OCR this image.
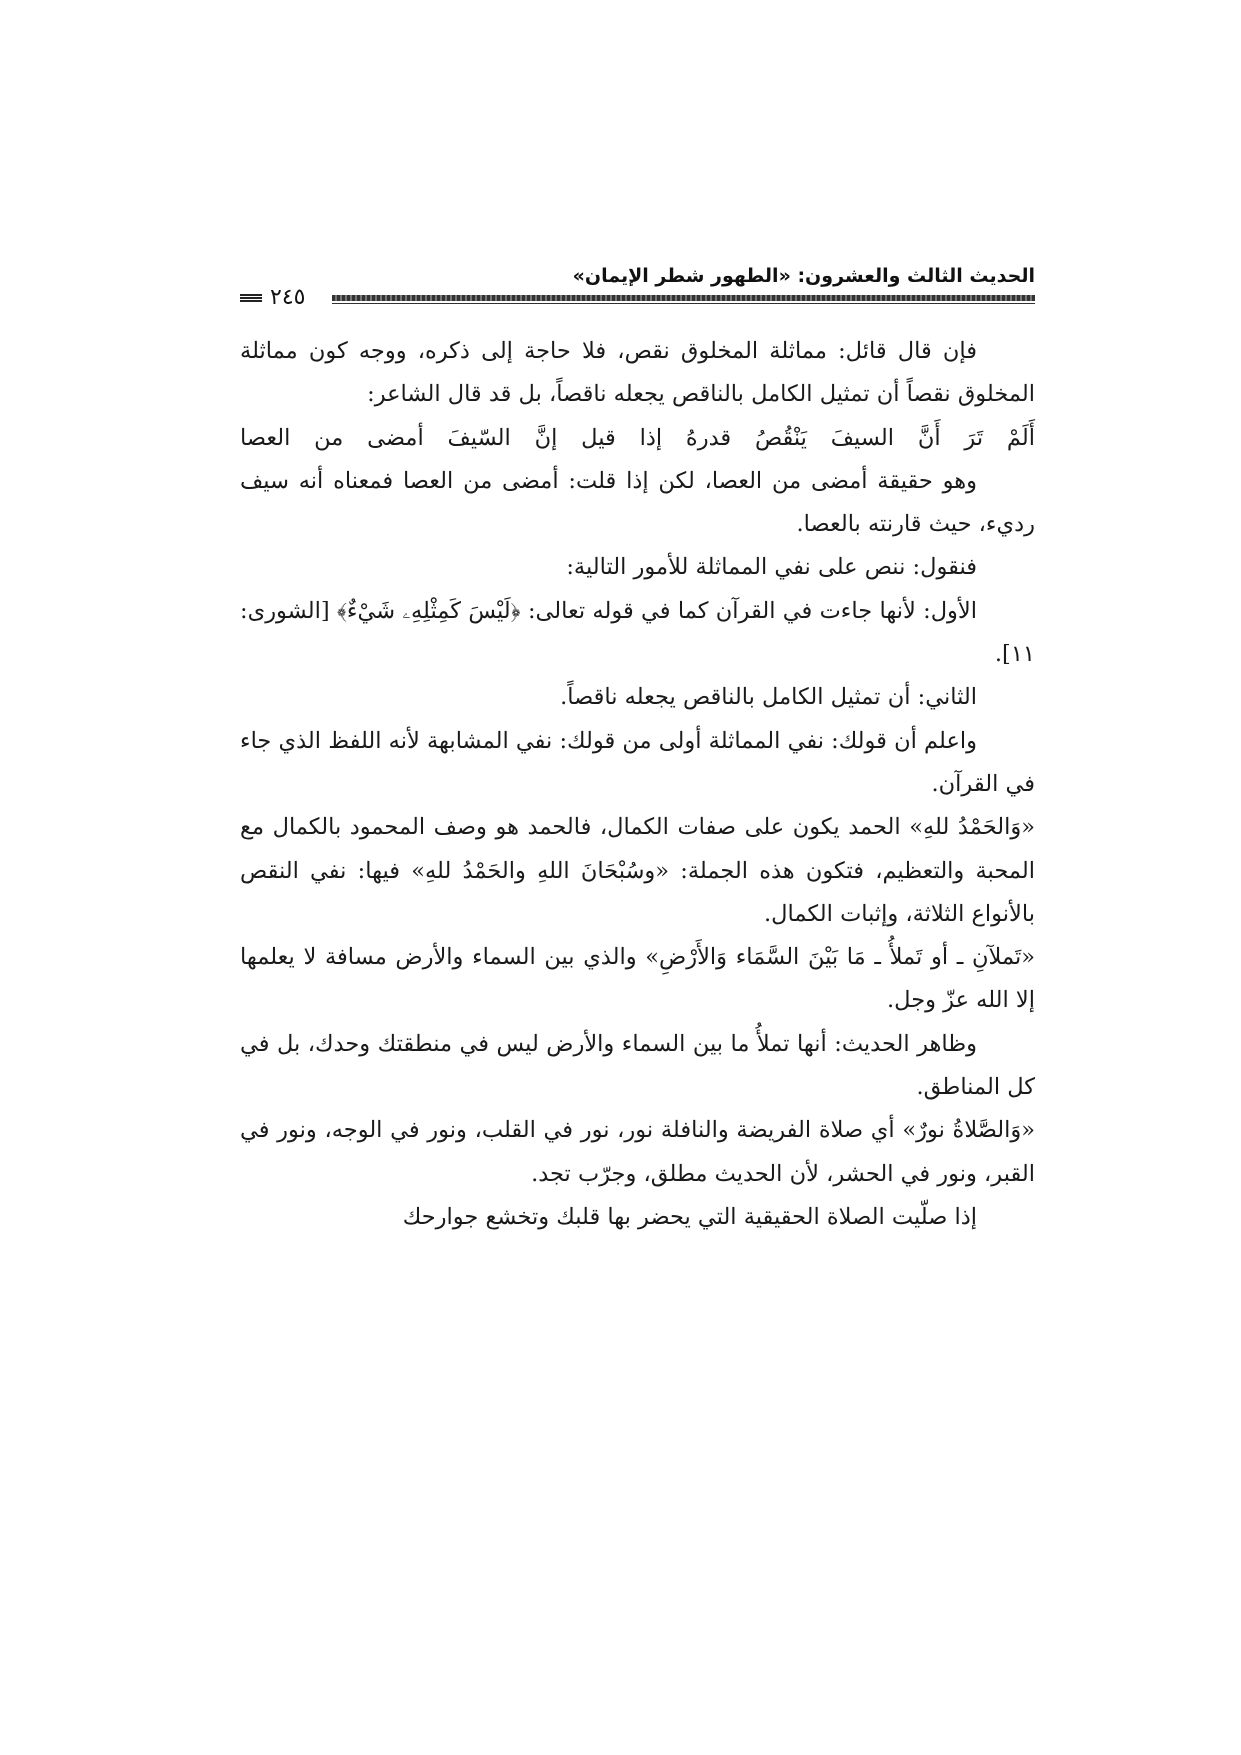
الحديث الثالث والعشرون: «الطهور شطر الإيمان»
٢٤٥

فإن قال قائل: مماثلة المخلوق نقص، فلا حاجة إلى ذكره، ووجه كون مماثلة المخلوق نقصاً أن تمثيل الكامل بالناقص يجعله ناقصاً، بل قد قال الشاعر:

أَلَمْ تَرَ أَنَّ السيفَ يَنْقُصُ قدرهُ إذا قيل إنَّ السّيفَ أمضى من العصا

وهو حقيقة أمضى من العصا، لكن إذا قلت: أمضى من العصا فمعناه أنه سيف رديء، حيث قارنته بالعصا.

فنقول: ننص على نفي المماثلة للأمور التالية:

الأول: لأنها جاءت في القرآن كما في قوله تعالى: ﴿لَيْسَ كَمِثْلِهِۦ شَيْءٌ﴾ [الشورى: ١١].

الثاني: أن تمثيل الكامل بالناقص يجعله ناقصاً.

واعلم أن قولك: نفي المماثلة أولى من قولك: نفي المشابهة لأنه اللفظ الذي جاء في القرآن.

«وَالحَمْدُ للهِ» الحمد يكون على صفات الكمال، فالحمد هو وصف المحمود بالكمال مع المحبة والتعظيم، فتكون هذه الجملة: «وسُبْحَانَ اللهِ والحَمْدُ للهِ» فيها: نفي النقص بالأنواع الثلاثة، وإثبات الكمال.

«تَملآنِ ـ أو تَملأُ ـ مَا بَيْنَ السَّمَاء وَالأَرْضِ» والذي بين السماء والأرض مسافة لا يعلمها إلا الله عزّ وجل.

وظاهر الحديث: أنها تملأُ ما بين السماء والأرض ليس في منطقتك وحدك، بل في كل المناطق.

«وَالصَّلاةُ نورٌ» أي صلاة الفريضة والنافلة نور، نور في القلب، ونور في الوجه، ونور في القبر، ونور في الحشر، لأن الحديث مطلق، وجرّب تجد.

إذا صلّيت الصلاة الحقيقية التي يحضر بها قلبك وتخشع جوارحك
